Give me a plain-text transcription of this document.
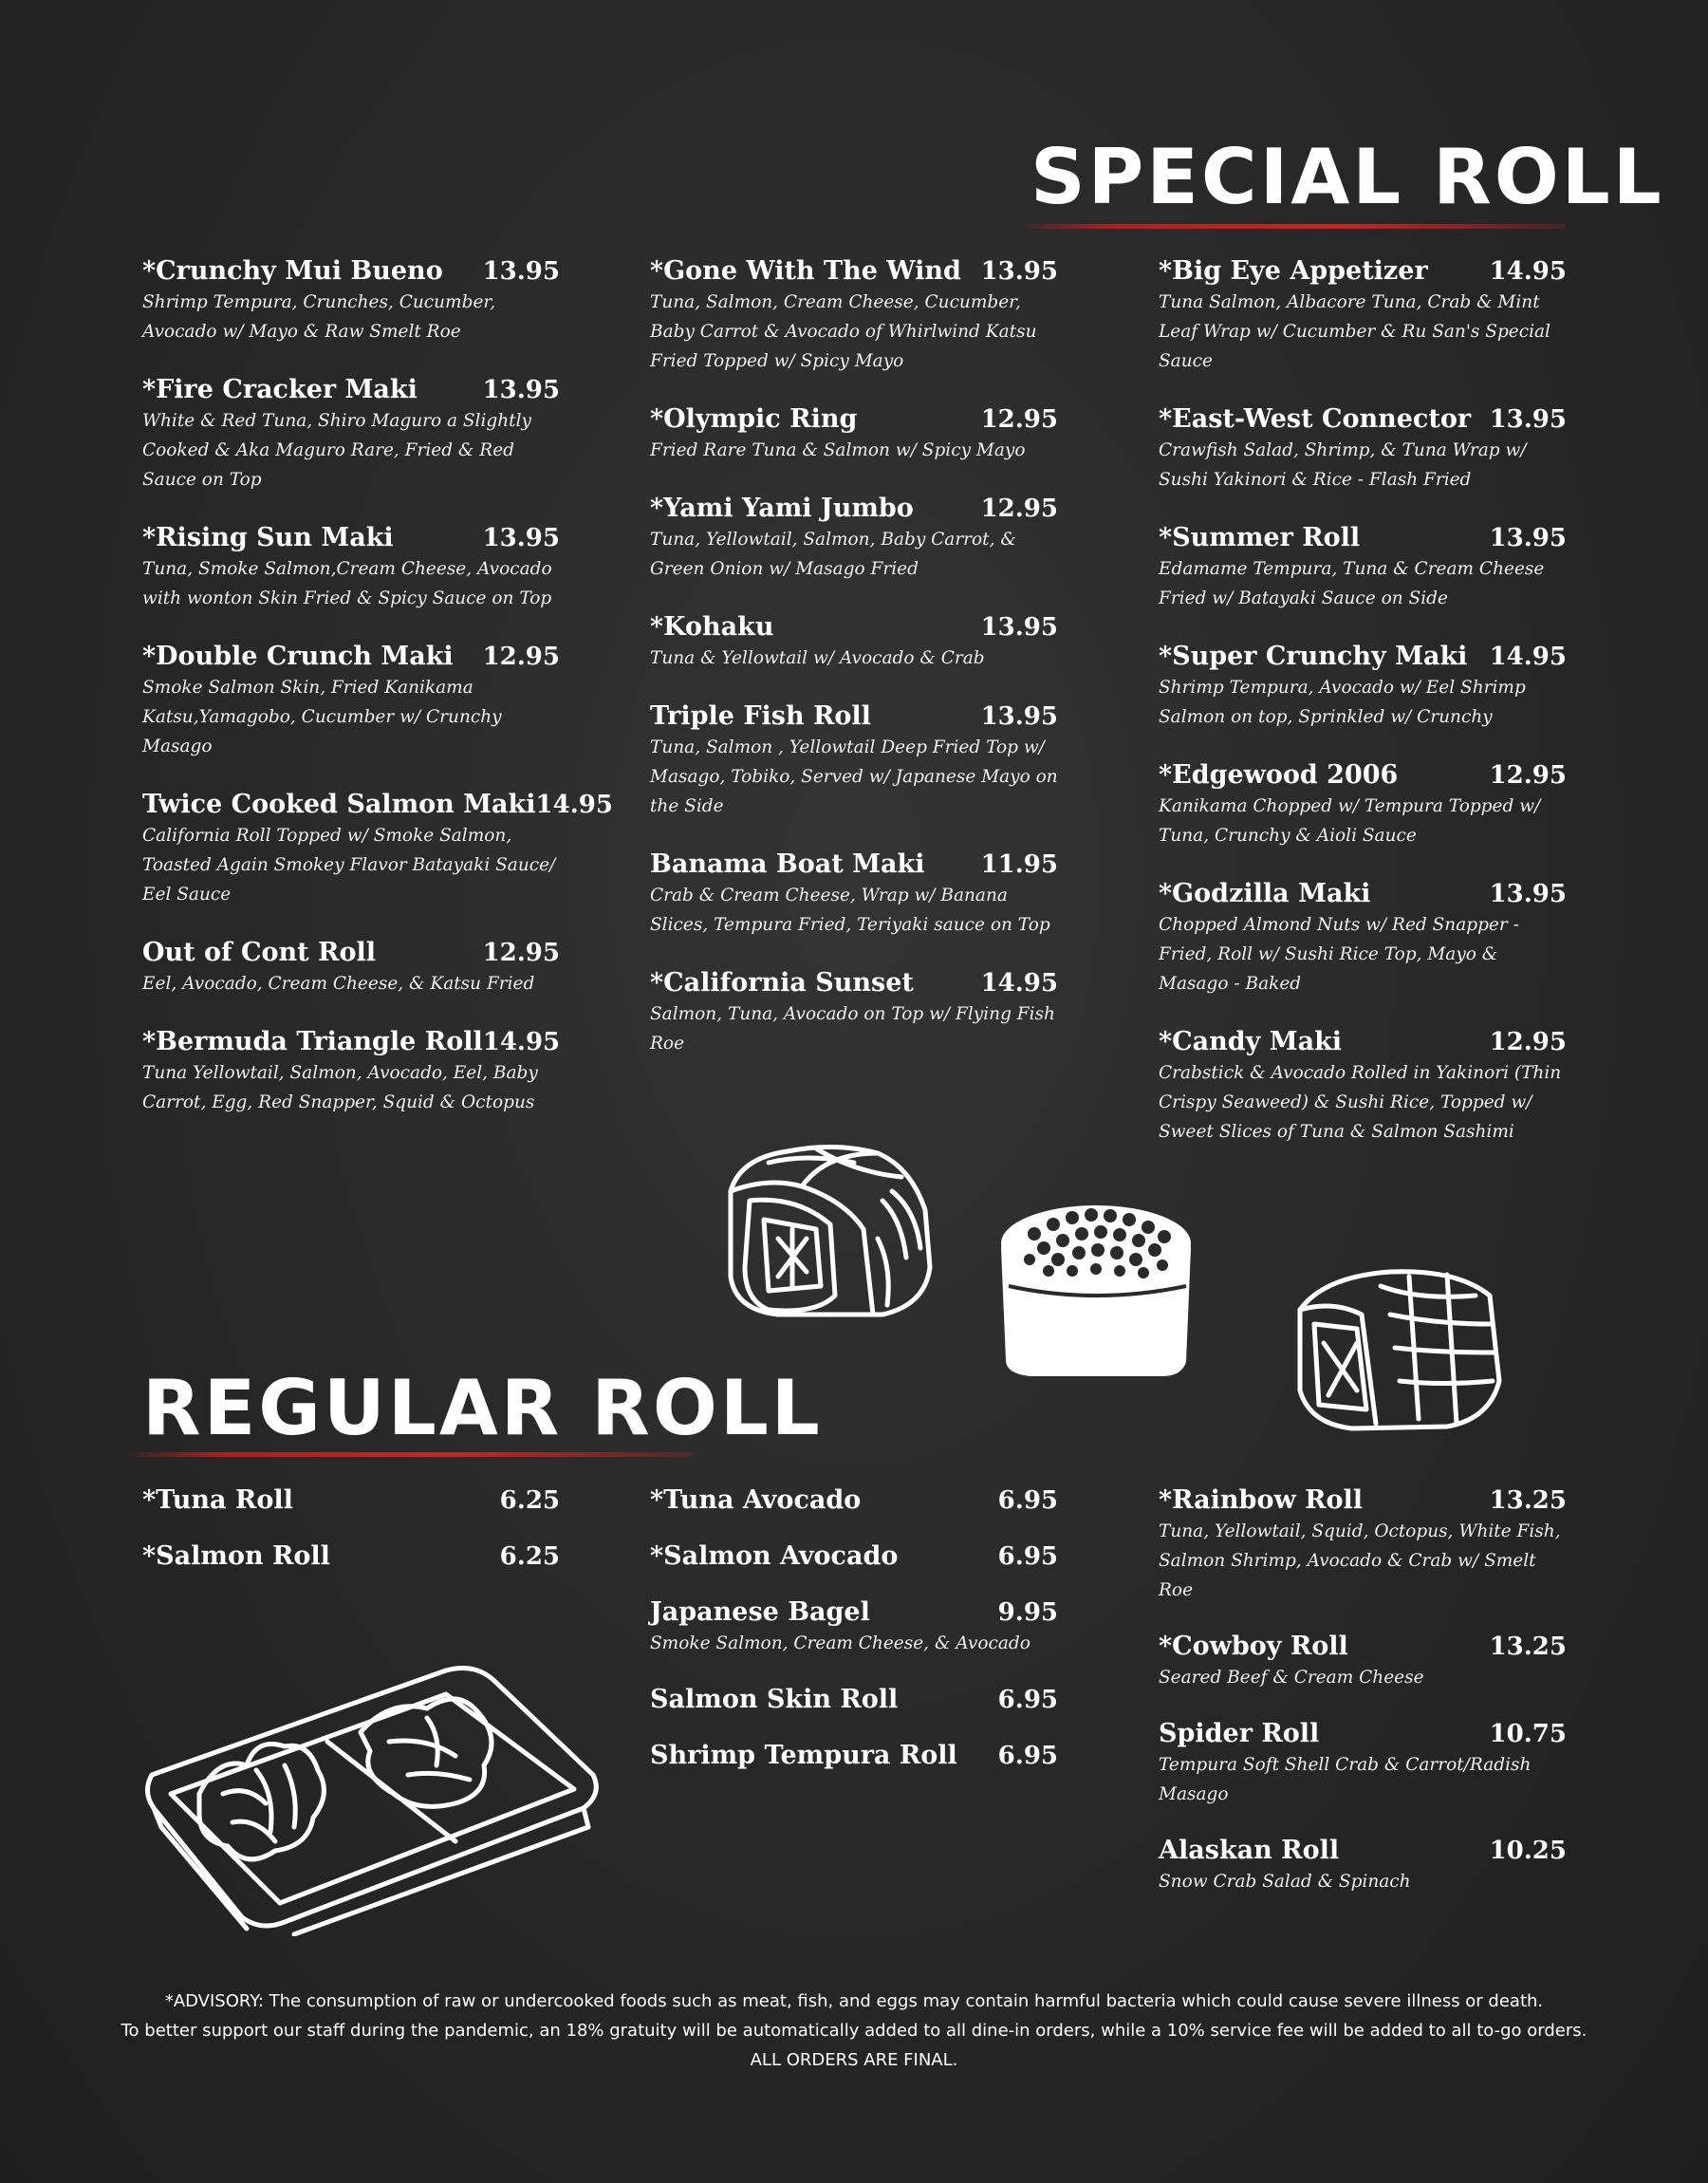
SPECIAL ROLL
*Crunchy Mui Bueno 13.95
Shrimp Tempura, Crunches, Cucumber, Avocado w/ Mayo & Raw Smelt Roe
*Fire Cracker Maki	13.95
White & Red Tuna, Shiro Maguro a Slightly Cooked & Aka Maguro Rare, Fried & Red Sauce on Top
*Rising Sun Maki	13.95
Tuna, Smoke Salmon,Cream Cheese, Avocado with wonton Skin Fried & Spicy Sauce on Top
*Double Crunch Maki 12.95
Smoke Salmon Skin, Fried Kanikama Katsu,Yamagobo, Cucumber w/ Crunchy Masago
Twice Cooked Salmon Maki 14.95
California Roll Topped w/ Smoke Salmon, Toasted Again Smokey Flavor Batayaki Sauce/ Eel Sauce
Out of Cont Roll	12.95
Eel, Avocado, Cream Cheese, & Katsu Fried
*Bermuda Triangle Roll 14.95
Tuna Yellowtail, Salmon, Avocado, Eel, Baby Carrot, Egg, Red Snapper, Squid & Octopus
*Gone With The Wind 13.95
Tuna, Salmon, Cream Cheese, Cucumber, Baby Carrot & Avocado of Whirlwind Katsu Fried Topped w/ Spicy Mayo
*Olympic Ring	12.95
Fried Rare Tuna & Salmon w/ Spicy Mayo
*Yami Yami Jumbo	12.95
Tuna, Yellowtail, Salmon, Baby Carrot, & Green Onion w/ Masago Fried
*Kohaku	13.95
Tuna & Yellowtail w/ Avocado & Crab
Triple Fish Roll	13.95
Tuna, Salmon , Yellowtail Deep Fried Top w/ Masago, Tobiko, Served w/ Japanese Mayo on the Side
Banama Boat Maki 11.95
Crab & Cream Cheese, Wrap w/ Banana Slices, Tempura Fried, Teriyaki sauce on Top
*California Sunset	14.95
Salmon, Tuna, Avocado on Top w/ Flying Fish Roe
*Big Eye Appetizer 14.95
Tuna Salmon, Albacore Tuna, Crab & Mint Leaf Wrap w/ Cucumber & Ru San's Special Sauce
*East-West Connector 13.95
Crawfish Salad, Shrimp, & Tuna Wrap w/ Sushi Yakinori & Rice - Flash Fried
*Summer Roll	13.95
Edamame Tempura, Tuna & Cream Cheese Fried w/ Batayaki Sauce on Side
*Super Crunchy Maki 14.95
Shrimp Tempura, Avocado w/ Eel Shrimp Salmon on top, Sprinkled w/ Crunchy
*Edgewood 2006	12.95
Kanikama Chopped w/ Tempura Topped w/ Tuna, Crunchy & Aioli Sauce
*Godzilla Maki	13.95
Chopped Almond Nuts w/ Red Snapper - Fried, Roll w/ Sushi Rice Top, Mayo & Masago - Baked
*Candy Maki	12.95
Crabstick & Avocado Rolled in Yakinori (Thin Crispy Seaweed) & Sushi Rice, Topped w/ Sweet Slices of Tuna & Salmon Sashimi
REGULAR ROLL
*Tuna Roll	6.25
*Salmon Roll	6.25
*Tuna Avocado	6.95
*Salmon Avocado	6.95
Japanese Bagel	9.95
Smoke Salmon, Cream Cheese, & Avocado
Salmon Skin Roll	6.95
Shrimp Tempura Roll 6.95
*Rainbow Roll	13.25
Tuna, Yellowtail, Squid, Octopus, White Fish, Salmon Shrimp, Avocado & Crab w/ Smelt Roe
*Cowboy Roll	13.25
Seared Beef & Cream Cheese
Spider Roll	10.75
Tempura Soft Shell Crab & Carrot/Radish Masago
Alaskan Roll	10.25
Snow Crab Salad & Spinach
*ADVISORY: The consumption of raw or undercooked foods such as meat, fish, and eggs may contain harmful bacteria which could cause severe illness or death.
To better support our staff during the pandemic, an 18% gratuity will be automatically added to all dine-in orders, while a 10% service fee will be added to all to-go orders.
ALL ORDERS ARE FINAL.
